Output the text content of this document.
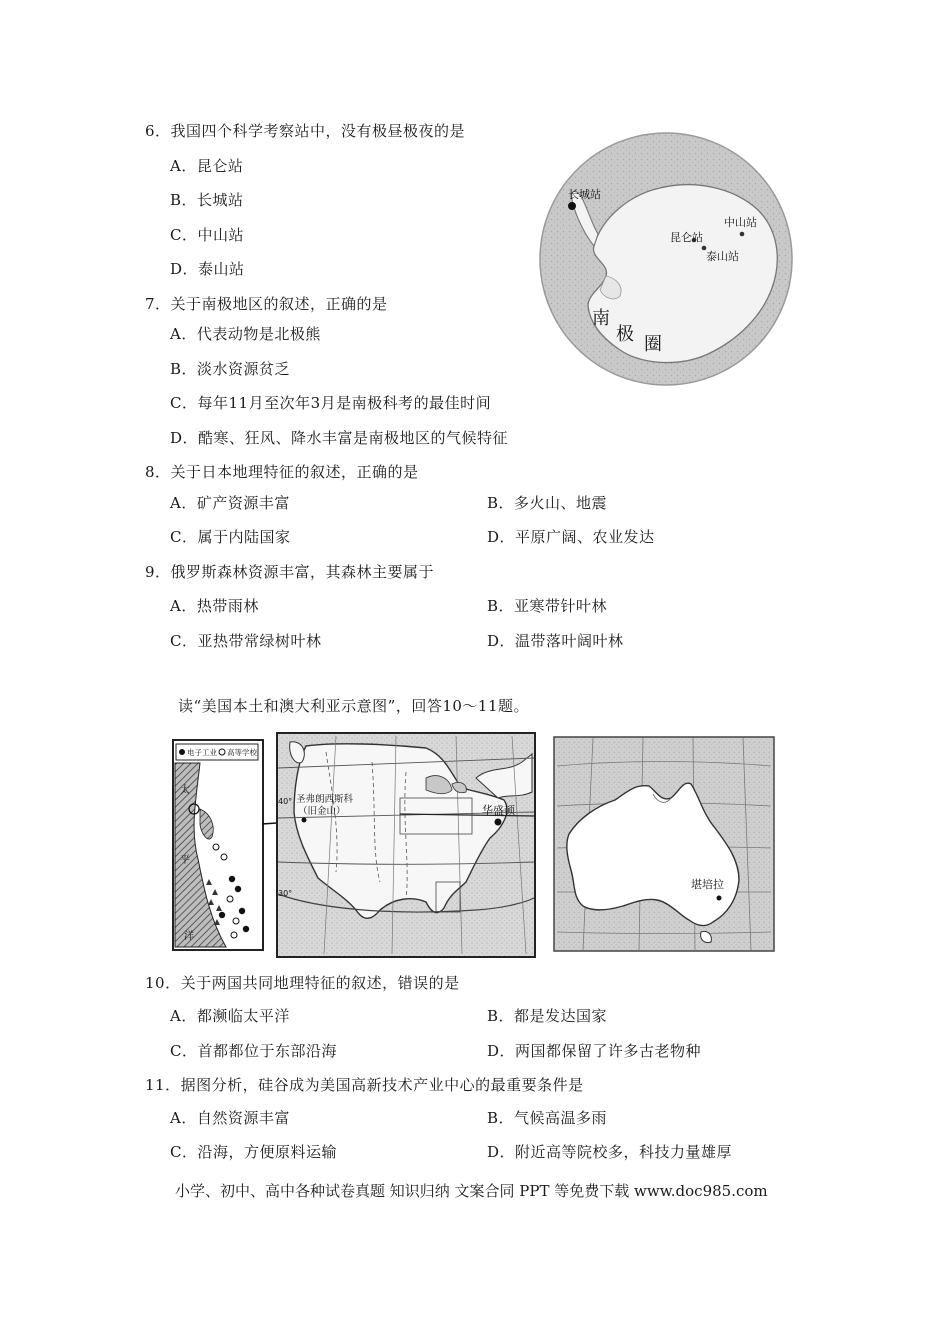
6．我国四个科学考察站中，没有极昼极夜的是
A．昆仑站
B．长城站
C．中山站
D．泰山站
7．关于南极地区的叙述，正确的是
A．代表动物是北极熊
B．淡水资源贫乏
C．每年11月至次年3月是南极科考的最佳时间
D．酷寒、狂风、降水丰富是南极地区的气候特征
8．关于日本地理特征的叙述，正确的是
A．矿产资源丰富	B．多火山、地震
C．属于内陆国家	D．平原广阔、农业发达
9．俄罗斯森林资源丰富，其森林主要属于
A．热带雨林	B．亚寒带针叶林
C．亚热带常绿树叶林	D．温带落叶阔叶林
读“美国本土和澳大利亚示意图”，回答10～11题。
10．关于两国共同地理特征的叙述，错误的是
A．都濒临太平洋	B．都是发达国家
C．首都都位于东部沿海	D．两国都保留了许多古老物种
11．据图分析，硅谷成为美国高新技术产业中心的最重要条件是
A．自然资源丰富	B．气候高温多雨
C．沿海，方便原料运输	D．附近高等院校多，科技力量雄厚
小学、初中、高中各种试卷真题 知识归纳 文案合同 PPT 等免费下载 www.doc985.com
长城站
中山站
昆仑站
泰山站
南
极 圈
电子工业 高等学校
太
平
洋
40°
30°
圣弗朗西斯科
（旧金山）	华盛顿
堪培拉
